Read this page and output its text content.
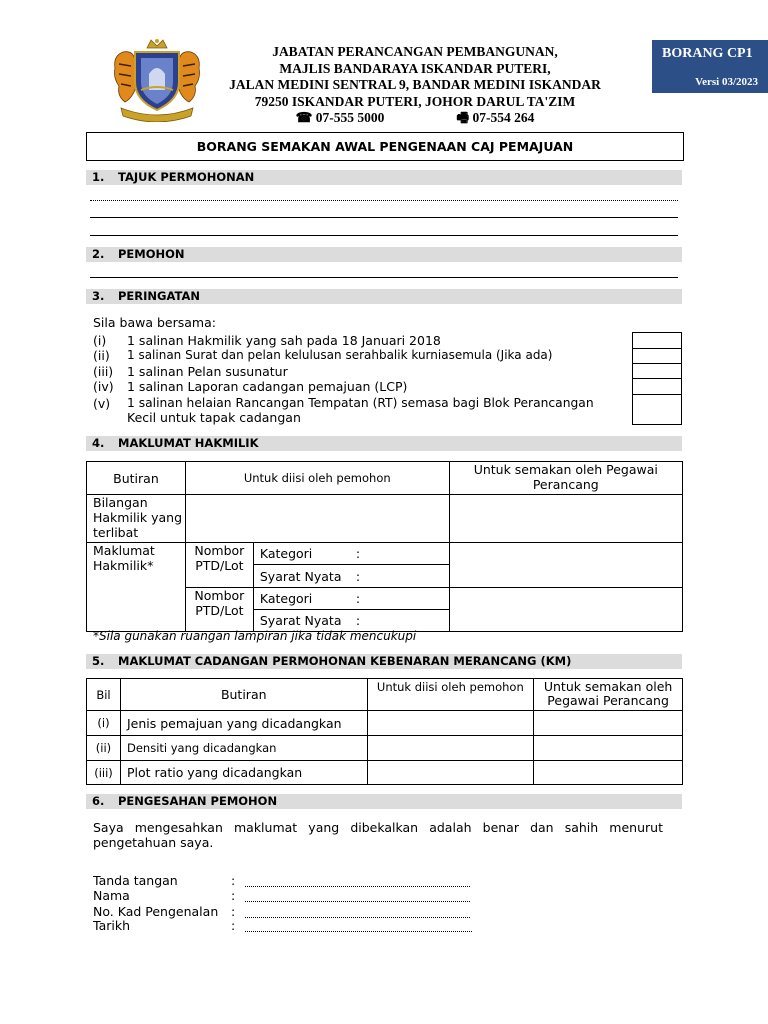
JABATAN PERANCANGAN PEMBANGUNAN,
MAJLIS BANDARAYA ISKANDAR PUTERI,
JALAN MEDINI SENTRAL 9, BANDAR MEDINI ISKANDAR
79250 ISKANDAR PUTERI, JOHOR DARUL TA'ZIM
☎ 07-555 5000	🖷 07-554 264
BORANG CP1
Versi 03/2023
BORANG SEMAKAN AWAL PENGENAAN CAJ PEMAJUAN
1. TAJUK PERMOHONAN
2. PEMOHON
3. PERINGATAN
Sila bawa bersama:
(i) 1 salinan Hakmilik yang sah pada 18 Januari 2018
(ii) 1 salinan Surat dan pelan kelulusan serahbalik kurniasemula (Jika ada)
(iii) 1 salinan Pelan susunatur
(iv) 1 salinan Laporan cadangan pemajuan (LCP)
(v) 1 salinan helaian Rancangan Tempatan (RT) semasa bagi Blok Perancangan
Kecil untuk tapak cadangan
4. MAKLUMAT HAKMILIK
Butiran	Untuk diisi oleh pemohon		Untuk semakan oleh Pegawai Perancang
Bilangan Hakmilik yang terlibat			
Maklumat Hakmilik*	Nombor PTD/Lot	Kategori :	
		Syarat Nyata :	
	Nombor PTD/Lot	Kategori :	
		Syarat Nyata :	
*Sila gunakan ruangan lampiran jika tidak mencukupi
5. MAKLUMAT CADANGAN PERMOHONAN KEBENARAN MERANCANG (KM)
Bil	Butiran	Untuk diisi oleh pemohon	Untuk semakan oleh Pegawai Perancang
(i)	Jenis pemajuan yang dicadangkan		
(ii)	Densiti yang dicadangkan		
(iii)	Plot ratio yang dicadangkan		
6. PENGESAHAN PEMOHON
Saya mengesahkan maklumat yang dibekalkan adalah benar dan sahih menurut pengetahuan saya.
Tanda tangan	:
Nama	:
No. Kad Pengenalan :
Tarikh	:
